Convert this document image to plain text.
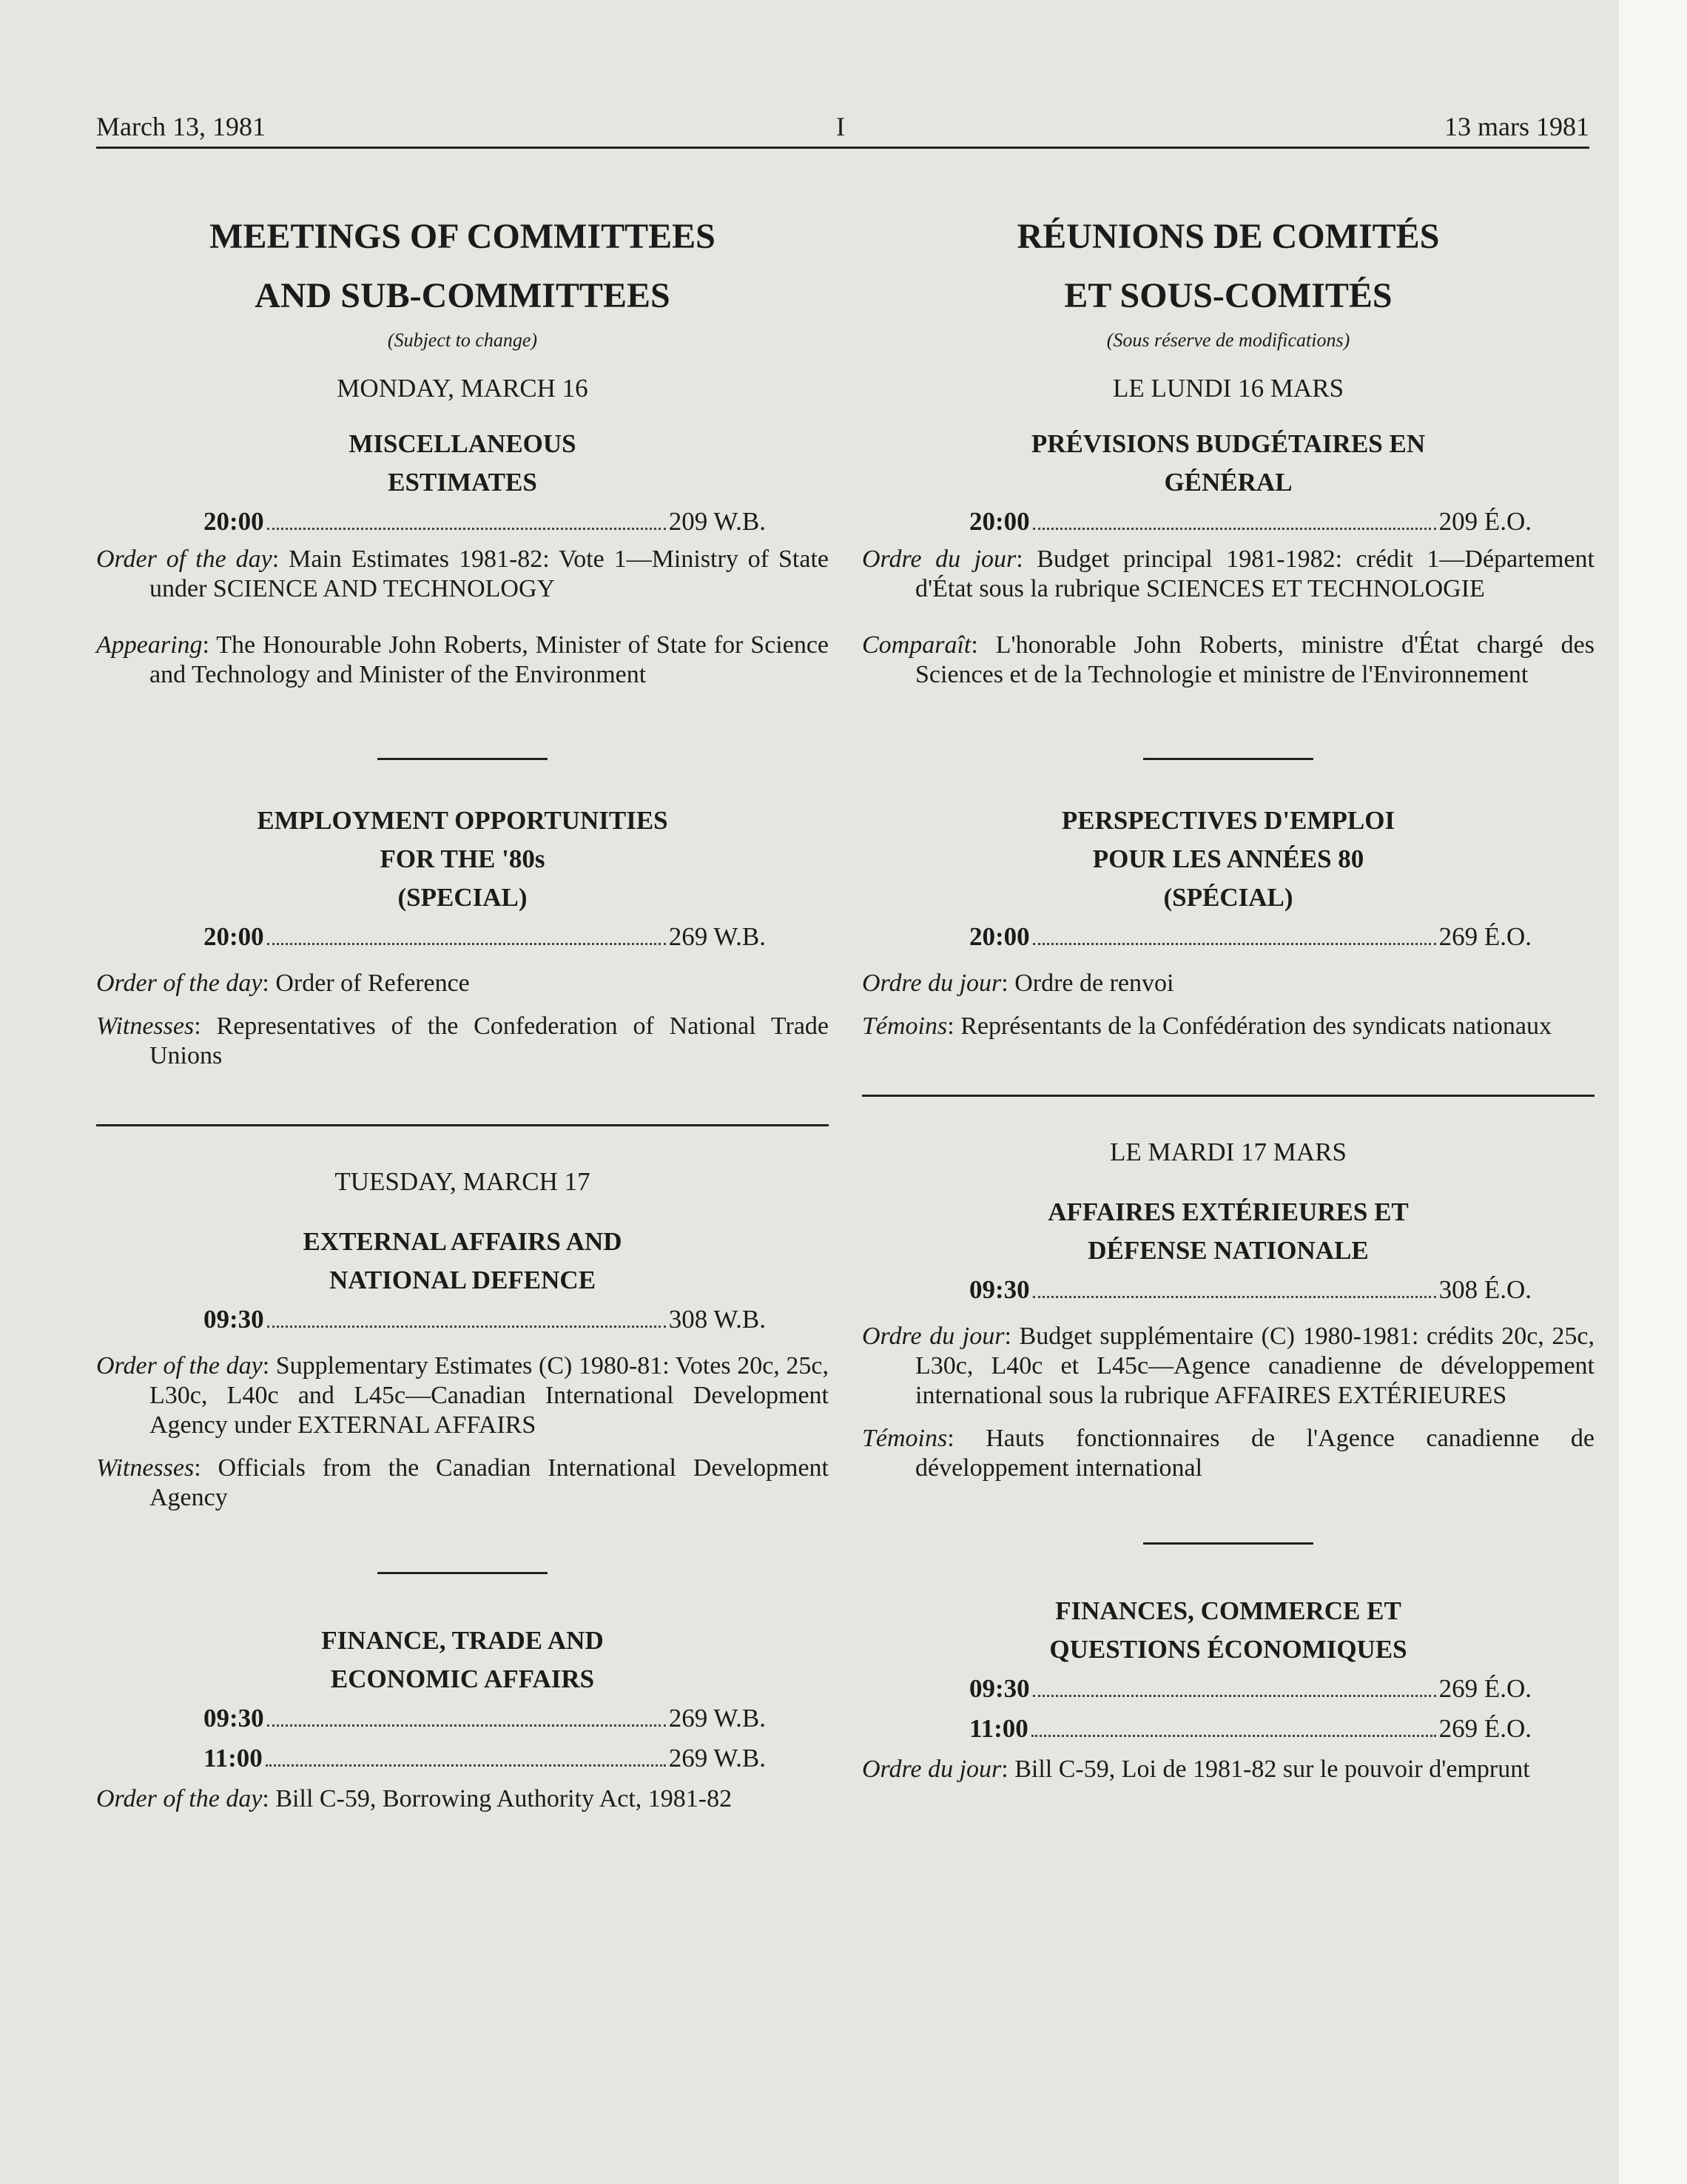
March 13, 1981	I	13 mars 1981

MEETINGS OF COMMITTEES

AND SUB-COMMITTEES

(Subject to change)

MONDAY, MARCH 16

MISCELLANEOUS

ESTIMATES

20:00	209 W.B.

Order of the day: Main Estimates 1981-82: Vote 1—Ministry of State under SCIENCE AND TECHNOLOGY

Appearing: The Honourable John Roberts, Minister of State for Science and Technology and Minister of the Environment

EMPLOYMENT OPPORTUNITIES

FOR THE '80s

(SPECIAL)

20:00	269 W.B.

Order of the day: Order of Reference

Witnesses: Representatives of the Confederation of National Trade Unions

TUESDAY, MARCH 17

EXTERNAL AFFAIRS AND

NATIONAL DEFENCE

09:30	308 W.B.

Order of the day: Supplementary Estimates (C) 1980-81: Votes 20c, 25c, L30c, L40c and L45c—Canadian International Development Agency under EXTERNAL AFFAIRS

Witnesses: Officials from the Canadian International Development Agency

FINANCE, TRADE AND

ECONOMIC AFFAIRS

09:30	269 W.B.
11:00	269 W.B.

Order of the day: Bill C-59, Borrowing Authority Act, 1981-82

RÉUNIONS DE COMITÉS

ET SOUS-COMITÉS

(Sous réserve de modifications)

LE LUNDI 16 MARS

PRÉVISIONS BUDGÉTAIRES EN

GÉNÉRAL

20:00	209 É.O.

Ordre du jour: Budget principal 1981-1982: crédit 1—Département d'État sous la rubrique SCIENCES ET TECHNOLOGIE

Comparaît: L'honorable John Roberts, ministre d'État chargé des Sciences et de la Technologie et ministre de l'Environnement

PERSPECTIVES D'EMPLOI

POUR LES ANNÉES 80

(SPÉCIAL)

20:00	269 É.O.

Ordre du jour: Ordre de renvoi

Témoins: Représentants de la Confédération des syndicats nationaux

LE MARDI 17 MARS

AFFAIRES EXTÉRIEURES ET

DÉFENSE NATIONALE

09:30	308 É.O.

Ordre du jour: Budget supplémentaire (C) 1980-1981: crédits 20c, 25c, L30c, L40c et L45c—Agence canadienne de développement international sous la rubrique AFFAIRES EXTÉRIEURES

Témoins: Hauts fonctionnaires de l'Agence canadienne de développement international

FINANCES, COMMERCE ET

QUESTIONS ÉCONOMIQUES

09:30	269 É.O.
11:00	269 É.O.

Ordre du jour: Bill C-59, Loi de 1981-82 sur le pouvoir d'emprunt
